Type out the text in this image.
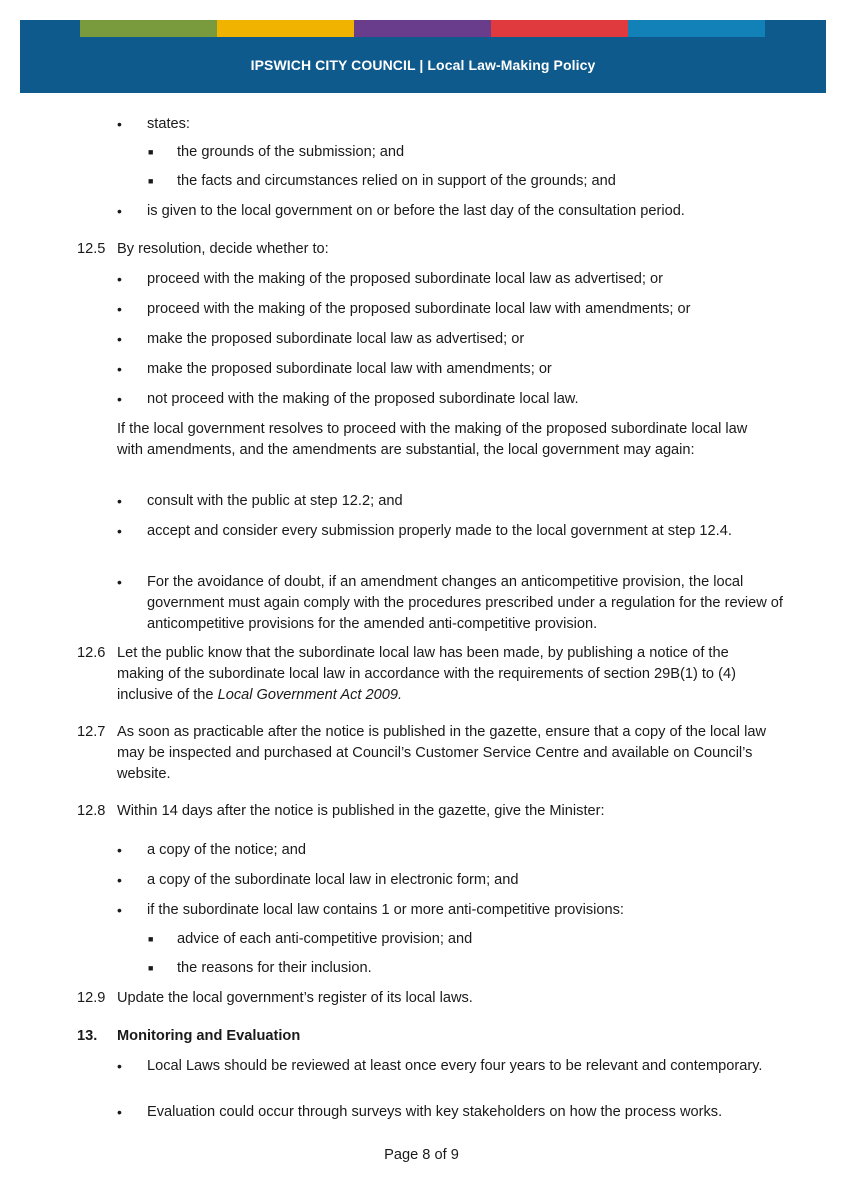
IPSWICH CITY COUNCIL | Local Law-Making Policy
• states:
■ the grounds of the submission; and
■ the facts and circumstances relied on in support of the grounds; and
• is given to the local government on or before the last day of the consultation period.
12.5 By resolution, decide whether to:
• proceed with the making of the proposed subordinate local law as advertised; or
• proceed with the making of the proposed subordinate local law with amendments; or
• make the proposed subordinate local law as advertised; or
• make the proposed subordinate local law with amendments; or
• not proceed with the making of the proposed subordinate local law.
If the local government resolves to proceed with the making of the proposed subordinate local law with amendments, and the amendments are substantial, the local government may again:
• consult with the public at step 12.2; and
• accept and consider every submission properly made to the local government at step 12.4.
• For the avoidance of doubt, if an amendment changes an anticompetitive provision, the local government must again comply with the procedures prescribed under a regulation for the review of anticompetitive provisions for the amended anti-competitive provision.
12.6 Let the public know that the subordinate local law has been made, by publishing a notice of the making of the subordinate local law in accordance with the requirements of section 29B(1) to (4) inclusive of the Local Government Act 2009.
12.7 As soon as practicable after the notice is published in the gazette, ensure that a copy of the local law may be inspected and purchased at Council’s Customer Service Centre and available on Council’s website.
12.8 Within 14 days after the notice is published in the gazette, give the Minister:
• a copy of the notice; and
• a copy of the subordinate local law in electronic form; and
• if the subordinate local law contains 1 or more anti-competitive provisions:
■ advice of each anti-competitive provision; and
■ the reasons for their inclusion.
12.9 Update the local government’s register of its local laws.
13. Monitoring and Evaluation
• Local Laws should be reviewed at least once every four years to be relevant and contemporary.
• Evaluation could occur through surveys with key stakeholders on how the process works.
Page 8 of 9
